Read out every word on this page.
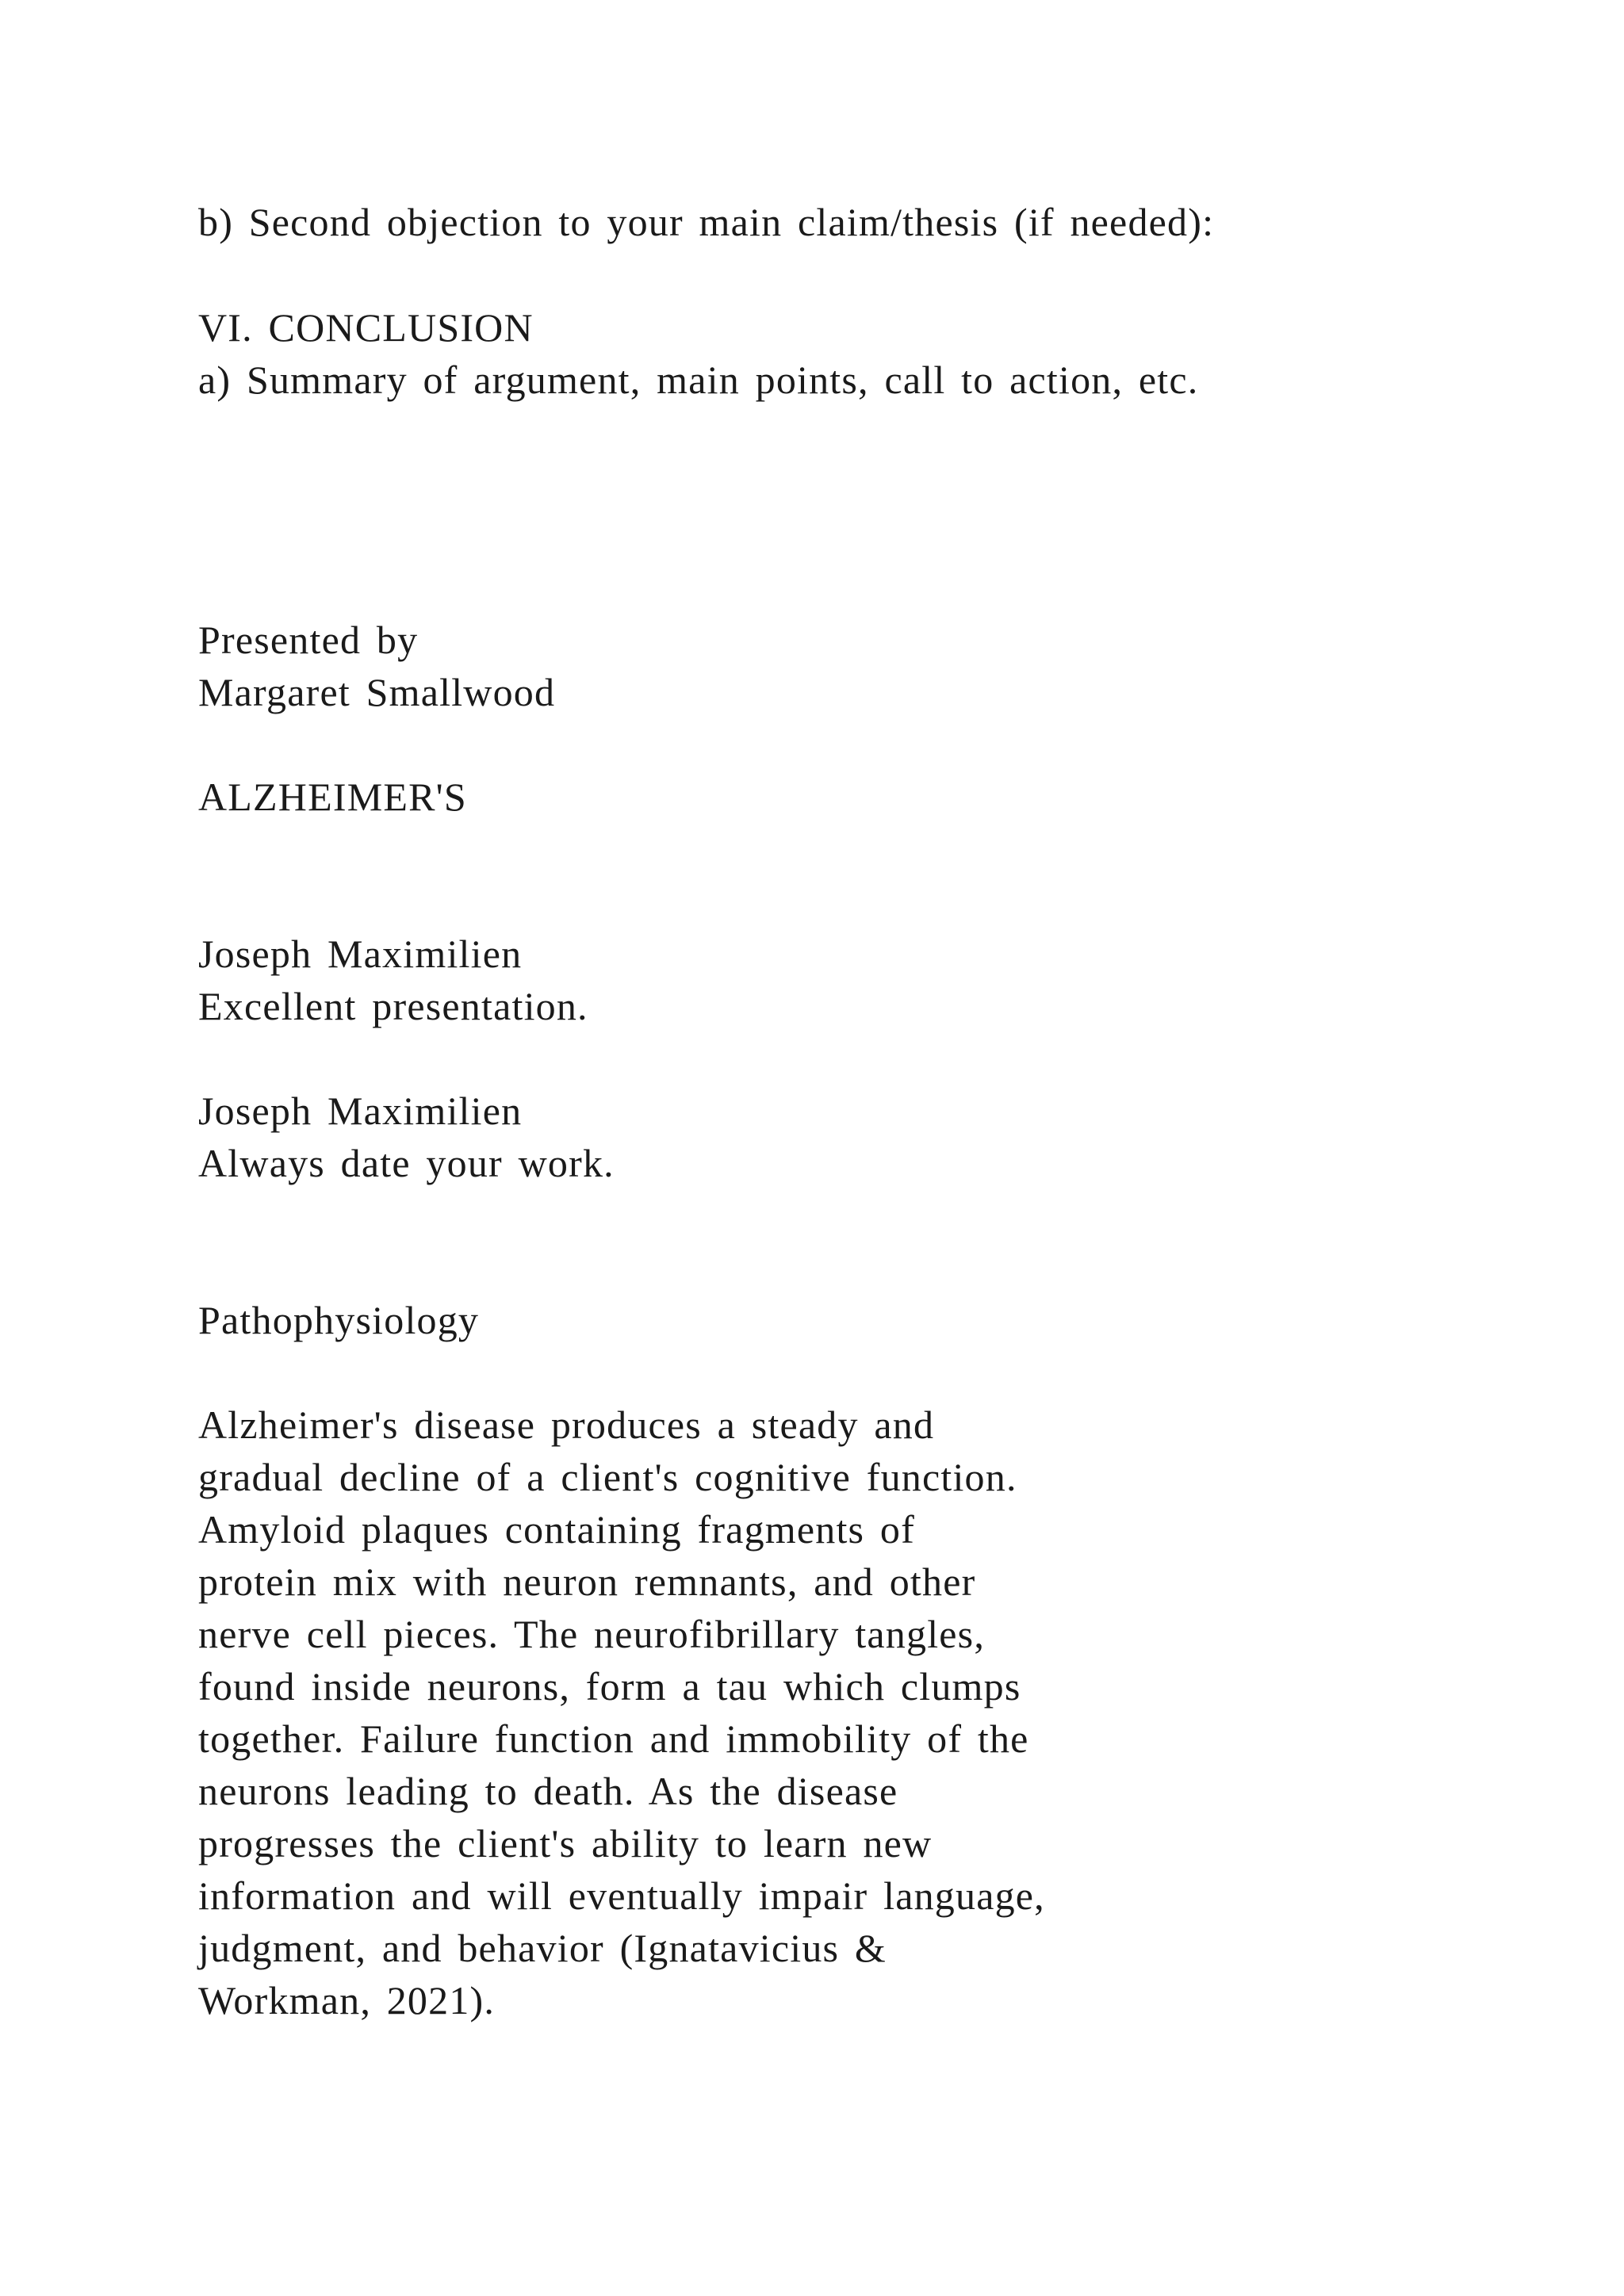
b) Second objection to your main claim/thesis (if needed):

VI. CONCLUSION

a) Summary of argument, main points, call to action, etc.

Presented by

Margaret Smallwood

ALZHEIMER'S

Joseph Maximilien

Excellent presentation.

Joseph Maximilien

Always date your work.

Pathophysiology

Alzheimer's disease produces a steady and

gradual decline of a client's cognitive function.

Amyloid plaques containing fragments of

protein mix with neuron remnants, and other

nerve cell pieces. The neurofibrillary tangles,

found inside neurons, form a tau which clumps

together. Failure function and immobility of the

neurons leading to death. As the disease

progresses the client's ability to learn new

information and will eventually impair language,

judgment, and behavior (Ignatavicius &

Workman, 2021).
